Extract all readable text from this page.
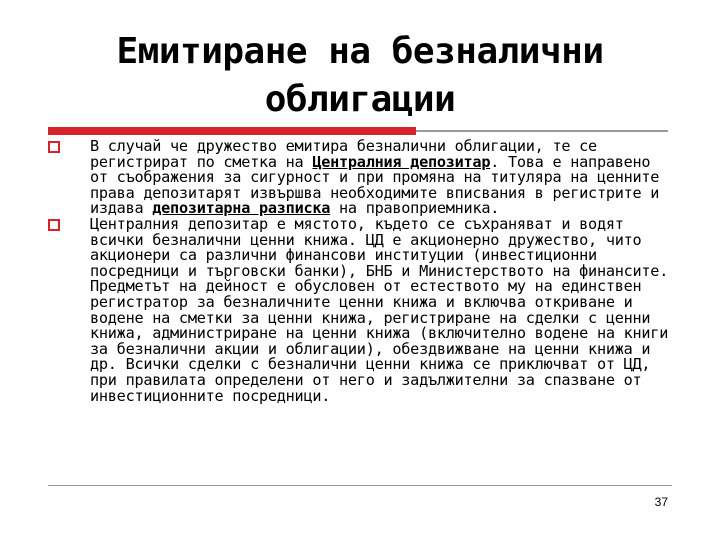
Емитиране на безналични
облигации

В случай че дружество емитира безналични облигации, те се регистрират по сметка на Централния депозитар. Това е направено от съображения за сигурност и при промяна на титуляра на ценните права депозитарят извършва необходимите вписвания в регистрите и издава депозитарна разписка на правоприемника.

Централния депозитар е мястото, където се съхраняват и водят всички безналични ценни книжа. ЦД е акционерно дружество, чито акционери са различни финансови институции (инвестиционни посредници и търговски банки), БНБ и Министерството на финансите. Предметът на дейност е обусловен от естеството му на единствен регистратор за безналичните ценни книжа и включва откриване и водене на сметки за ценни книжа, регистриране на сделки с ценни книжа, администриране на ценни книжа (включително водене на книги за безналични акции и облигации), обездвижване на ценни книжа и др. Всички сделки с безналични ценни книжа се приключват от ЦД, при правилата определени от него и задължителни за спазване от инвестиционните посредници.

37
